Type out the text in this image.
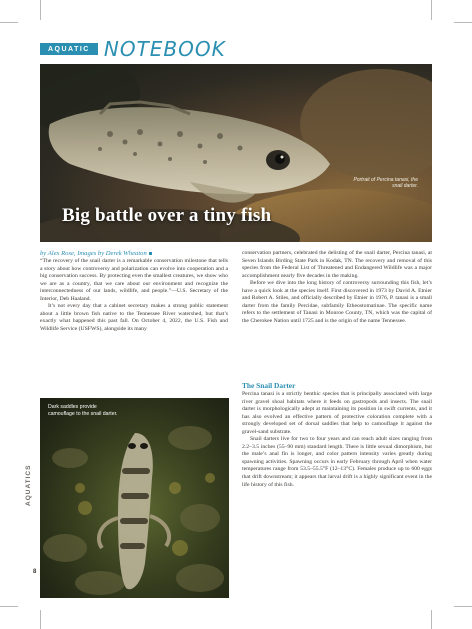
AQUATIC NOTEBOOK
Portrait of Percina tanasi, the snail darter.
Big battle over a tiny fish
by Alex Rose, Images by Derek Wheaton

“The recovery of the snail darter is a remarkable conservation milestone that tells a story about how controversy and polarization can evolve into cooperation and a big conservation success. By protecting even the smallest creatures, we show who we are as a country, that we care about our environment and recognize the interconnectedness of our lands, wildlife, and people.”—U.S. Secretary of the Interior, Deb Haaland.

It’s not every day that a cabinet secretary makes a strong public statement about a little brown fish native to the Tennessee River watershed, but that’s exactly what happened this past fall. On October 4, 2022, the U.S. Fish and Wildlife Service (USFWS), alongside its many

conservation partners, celebrated the delisting of the snail darter, Percina tanasi, at Seven Islands Birding State Park in Kodak, TN. The recovery and removal of this species from the Federal List of Threatened and Endangered Wildlife was a major accomplishment nearly five decades in the making.

Before we dive into the long history of controversy surrounding this fish, let’s have a quick look at the species itself. First discovered in 1973 by David A. Etnier and Robert A. Stiles, and officially described by Etnier in 1976, P. tanasi is a small darter from the family Percidae, subfamily Etheostomatinae. The specific name refers to the settlement of Tanasi in Monroe County, TN, which was the capital of the Cherokee Nation until 1725 and is the origin of the name Tennessee.

The Snail Darter

Percina tanasi is a strictly benthic species that is principally associated with large river gravel shoal habitats where it feeds on gastropods and insects. The snail darter is morphologically adept at maintaining its position in swift currents, and it has also evolved an effective pattern of protective coloration complete with a strongly developed set of dorsal saddles that help to camouflage it against the gravel-sand substrate.

Snail darters live for two to four years and can reach adult sizes ranging from 2.2–3.5 inches (55–90 mm) standard length. There is little sexual dimorphism, but the male’s anal fin is longer, and color pattern intensity varies greatly during spawning activities. Spawning occurs in early February through April when water temperatures range from 53.5–55.5°F (12–13°C). Females produce up to 600 eggs that drift downstream; it appears that larval drift is a highly significant event in the life history of this fish.

Dark saddles provide camouflage to the snail darter.
AQUATICS
8
